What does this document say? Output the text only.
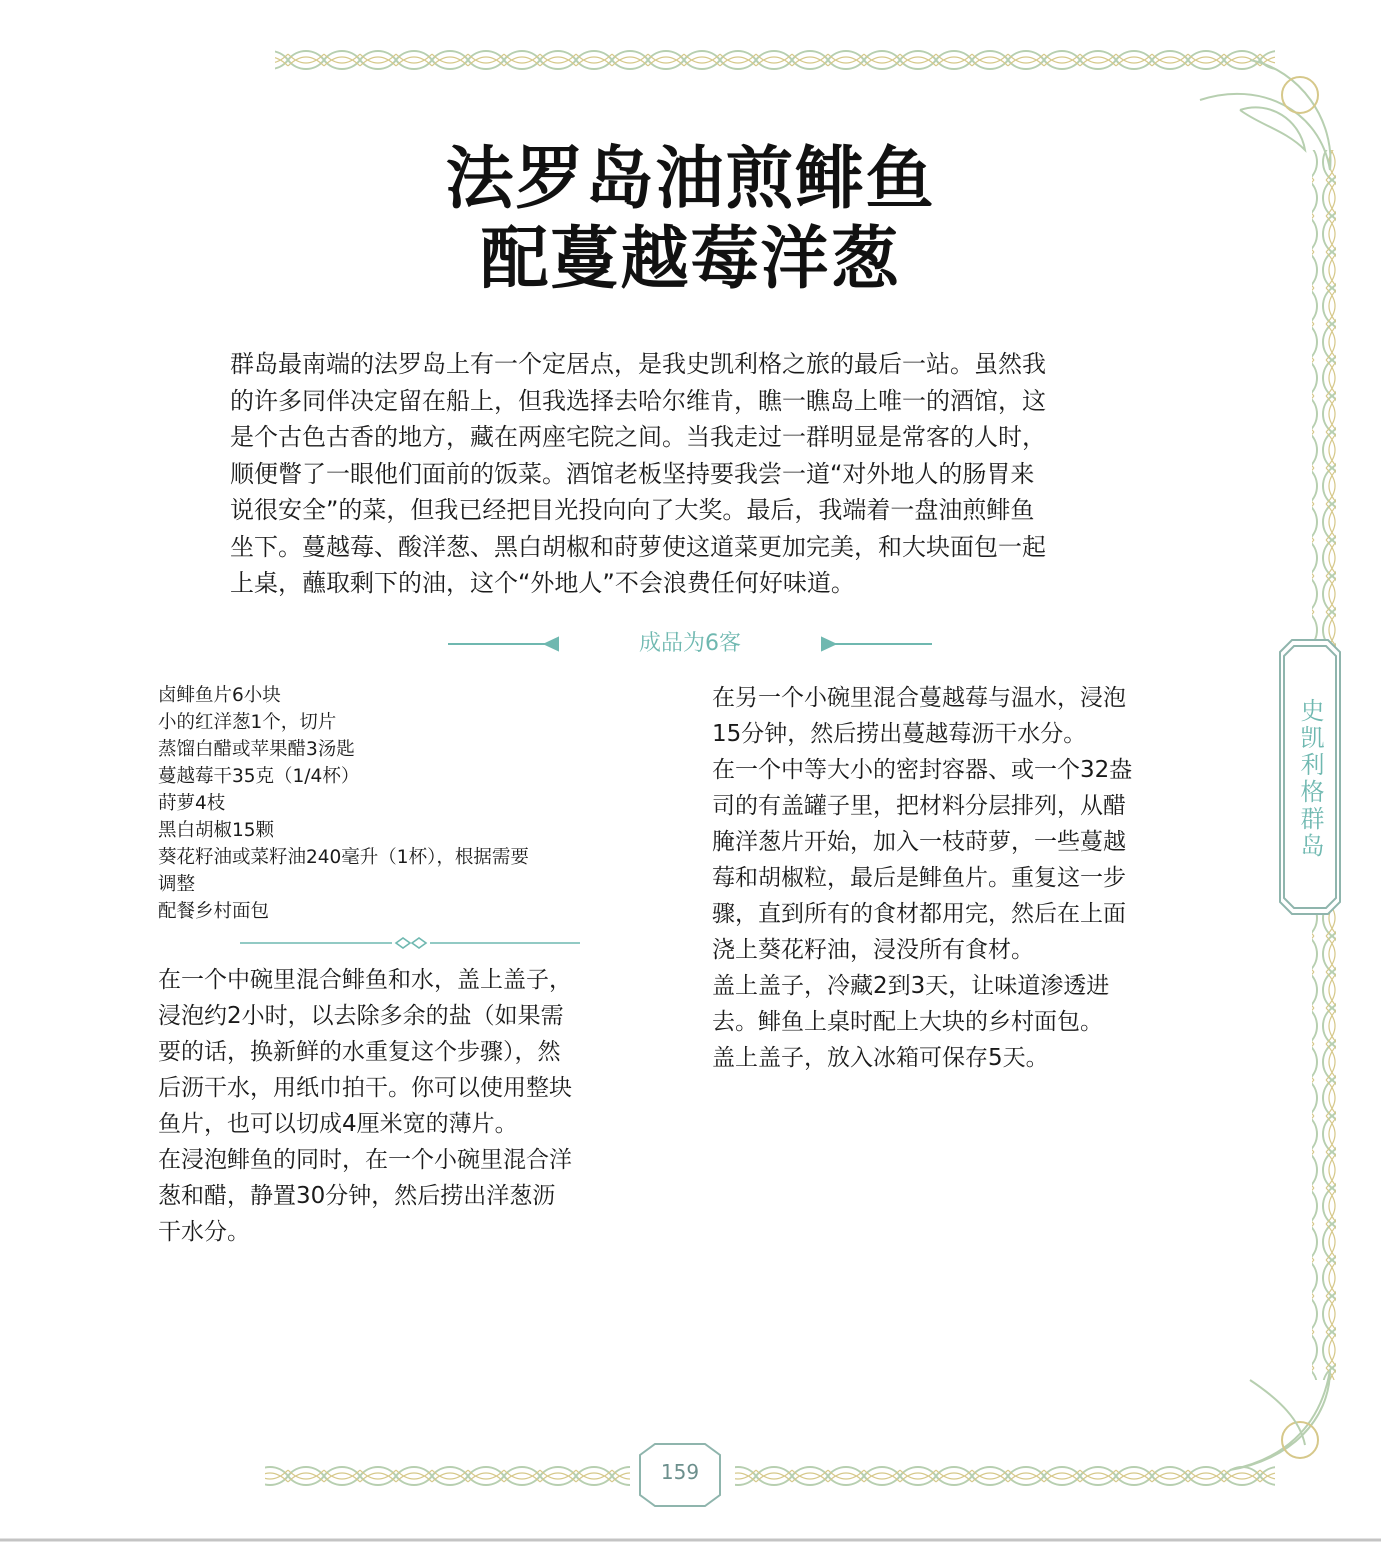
法罗岛油煎鲱鱼
配蔓越莓洋葱

群岛最南端的法罗岛上有一个定居点，是我史凯利格之旅的最后一站。虽然我

的许多同伴决定留在船上，但我选择去哈尔维肯，瞧一瞧岛上唯一的酒馆，这

是个古色古香的地方，藏在两座宅院之间。当我走过一群明显是常客的人时，

顺便瞥了一眼他们面前的饭菜。酒馆老板坚持要我尝一道“对外地人的肠胃来

说很安全”的菜，但我已经把目光投向向了大奖。最后，我端着一盘油煎鲱鱼

坐下。蔓越莓、酸洋葱、黑白胡椒和莳萝使这道菜更加完美，和大块面包一起

上桌，蘸取剩下的油，这个“外地人”不会浪费任何好味道。

成品为6客
卤鲱鱼片6小块
小的红洋葱1个，切片
蒸馏白醋或苹果醋3汤匙
蔓越莓干35克（1/4杯）
莳萝4枝
黑白胡椒15颗
葵花籽油或菜籽油240毫升（1杯），根据需要
调整
配餐乡村面包

在一个中碗里混合鲱鱼和水，盖上盖子，

浸泡约2小时，以去除多余的盐（如果需

要的话，换新鲜的水重复这个步骤），然

后沥干水，用纸巾拍干。你可以使用整块

鱼片，也可以切成4厘米宽的薄片。

在浸泡鲱鱼的同时，在一个小碗里混合洋

葱和醋，静置30分钟，然后捞出洋葱沥

干水分。

在另一个小碗里混合蔓越莓与温水，浸泡

15分钟，然后捞出蔓越莓沥干水分。

在一个中等大小的密封容器、或一个32盎

司的有盖罐子里，把材料分层排列，从醋

腌洋葱片开始，加入一枝莳萝，一些蔓越

莓和胡椒粒，最后是鲱鱼片。重复这一步

骤，直到所有的食材都用完，然后在上面

浇上葵花籽油，浸没所有食材。

盖上盖子，冷藏2到3天，让味道渗透进

去。鲱鱼上桌时配上大块的乡村面包。

盖上盖子，放入冰箱可保存5天。

史凯利格群岛
159
